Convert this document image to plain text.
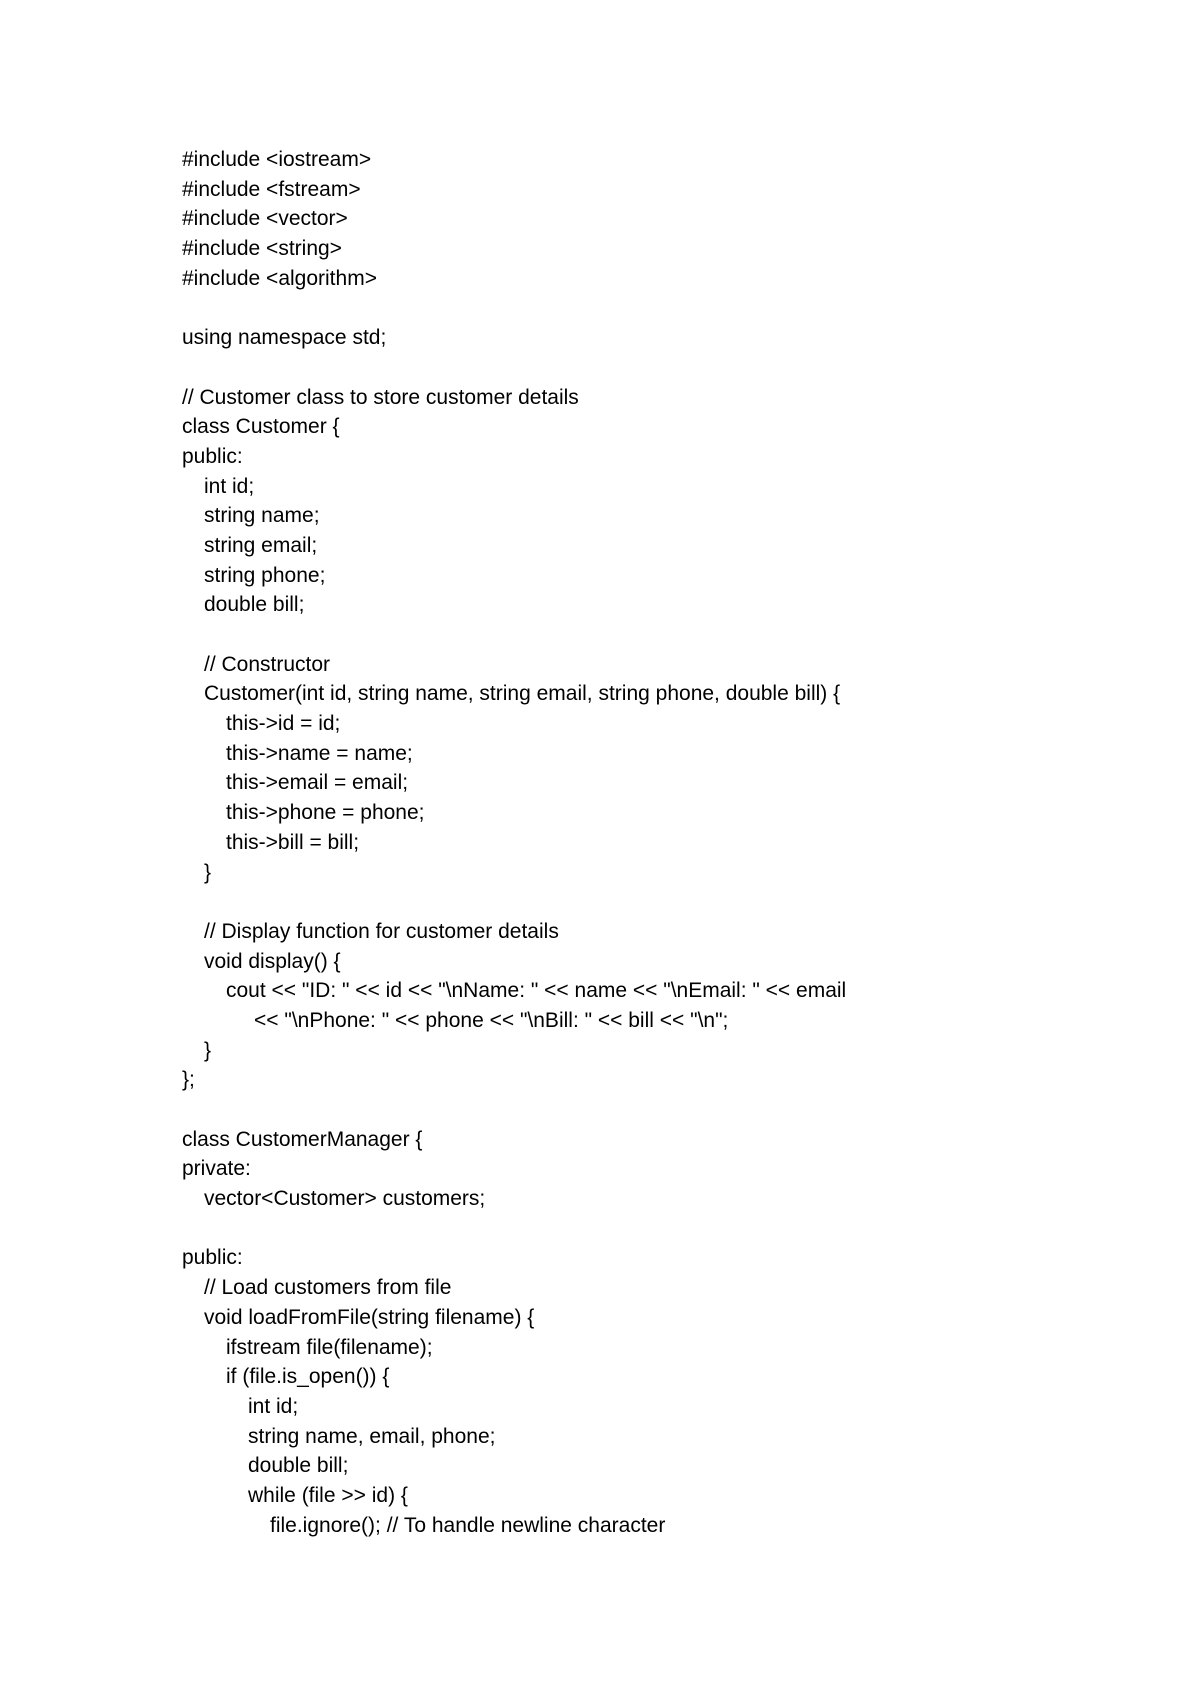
#include <iostream>
#include <fstream>
#include <vector>
#include <string>
#include <algorithm>
using namespace std;
// Customer class to store customer details
class Customer {
public:
int id;
string name;
string email;
string phone;
double bill;
// Constructor
Customer(int id, string name, string email, string phone, double bill) {
this->id = id;
this->name = name;
this->email = email;
this->phone = phone;
this->bill = bill;
}
// Display function for customer details
void display() {
cout << "ID: " << id << "\nName: " << name << "\nEmail: " << email
<< "\nPhone: " << phone << "\nBill: " << bill << "\n";
}
};
class CustomerManager {
private:
vector<Customer> customers;
public:
// Load customers from file
void loadFromFile(string filename) {
ifstream file(filename);
if (file.is_open()) {
int id;
string name, email, phone;
double bill;
while (file >> id) {
file.ignore(); // To handle newline character
